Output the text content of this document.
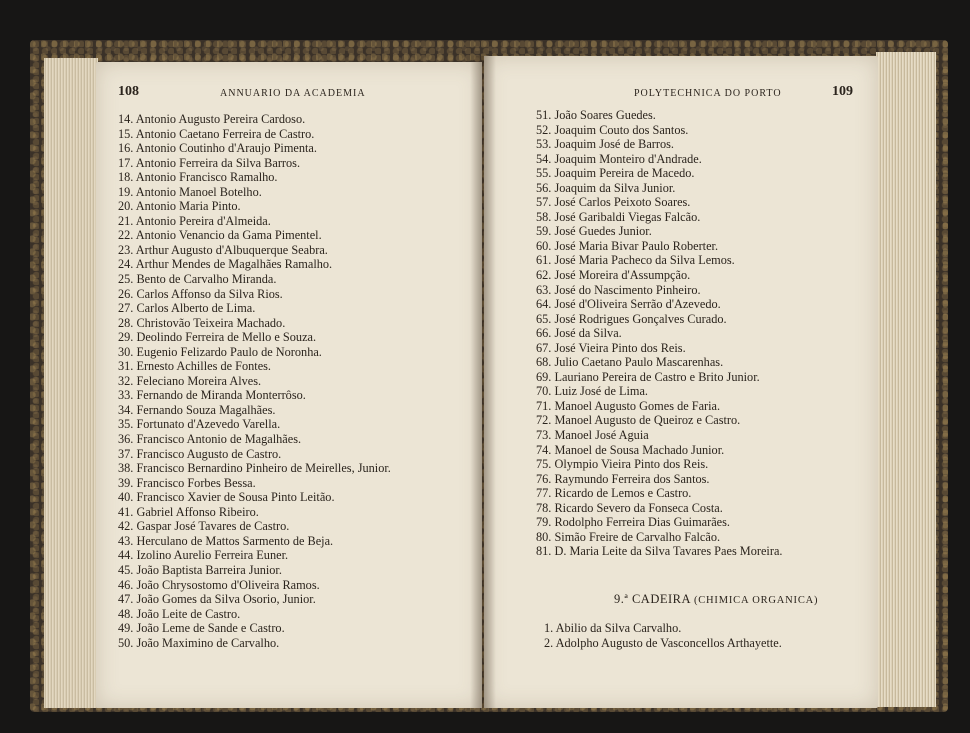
108	ANNUARIO DA ACADEMIA
14. Antonio Augusto Pereira Cardoso.
15. Antonio Caetano Ferreira de Castro.
16. Antonio Coutinho d'Araujo Pimenta.
17. Antonio Ferreira da Silva Barros.
18. Antonio Francisco Ramalho.
19. Antonio Manoel Botelho.
20. Antonio Maria Pinto.
21. Antonio Pereira d'Almeida.
22. Antonio Venancio da Gama Pimentel.
23. Arthur Augusto d'Albuquerque Seabra.
24. Arthur Mendes de Magalhães Ramalho.
25. Bento de Carvalho Miranda.
26. Carlos Affonso da Silva Rios.
27. Carlos Alberto de Lima.
28. Christovão Teixeira Machado.
29. Deolindo Ferreira de Mello e Souza.
30. Eugenio Felizardo Paulo de Noronha.
31. Ernesto Achilles de Fontes.
32. Feleciano Moreira Alves.
33. Fernando de Miranda Monterrôso.
34. Fernando Souza Magalhães.
35. Fortunato d'Azevedo Varella.
36. Francisco Antonio de Magalhães.
37. Francisco Augusto de Castro.
38. Francisco Bernardino Pinheiro de Meirelles, Junior.
39. Francisco Forbes Bessa.
40. Francisco Xavier de Sousa Pinto Leitão.
41. Gabriel Affonso Ribeiro.
42. Gaspar José Tavares de Castro.
43. Herculano de Mattos Sarmento de Beja.
44. Izolino Aurelio Ferreira Euner.
45. João Baptista Barreira Junior.
46. João Chrysostomo d'Oliveira Ramos.
47. João Gomes da Silva Osorio, Junior.
48. João Leite de Castro.
49. João Leme de Sande e Castro.
50. João Maximino de Carvalho.
POLYTECHNICA DO PORTO	109
51. João Soares Guedes.
52. Joaquim Couto dos Santos.
53. Joaquim José de Barros.
54. Joaquim Monteiro d'Andrade.
55. Joaquim Pereira de Macedo.
56. Joaquim da Silva Junior.
57. José Carlos Peixoto Soares.
58. José Garibaldi Viegas Falcão.
59. José Guedes Junior.
60. José Maria Bivar Paulo Roberter.
61. José Maria Pacheco da Silva Lemos.
62. José Moreira d'Assumpção.
63. José do Nascimento Pinheiro.
64. José d'Oliveira Serrão d'Azevedo.
65. José Rodrigues Gonçalves Curado.
66. José da Silva.
67. José Vieira Pinto dos Reis.
68. Julio Caetano Paulo Mascarenhas.
69. Lauriano Pereira de Castro e Brito Junior.
70. Luiz José de Lima.
71. Manoel Augusto Gomes de Faria.
72. Manoel Augusto de Queiroz e Castro.
73. Manoel José Aguia
74. Manoel de Sousa Machado Junior.
75. Olympio Vieira Pinto dos Reis.
76. Raymundo Ferreira dos Santos.
77. Ricardo de Lemos e Castro.
78. Ricardo Severo da Fonseca Costa.
79. Rodolpho Ferreira Dias Guimarães.
80. Simão Freire de Carvalho Falcão.
81. D. Maria Leite da Silva Tavares Paes Moreira.
9.ª CADEIRA (CHIMICA ORGANICA)
1. Abilio da Silva Carvalho.
2. Adolpho Augusto de Vasconcellos Arthayette.
